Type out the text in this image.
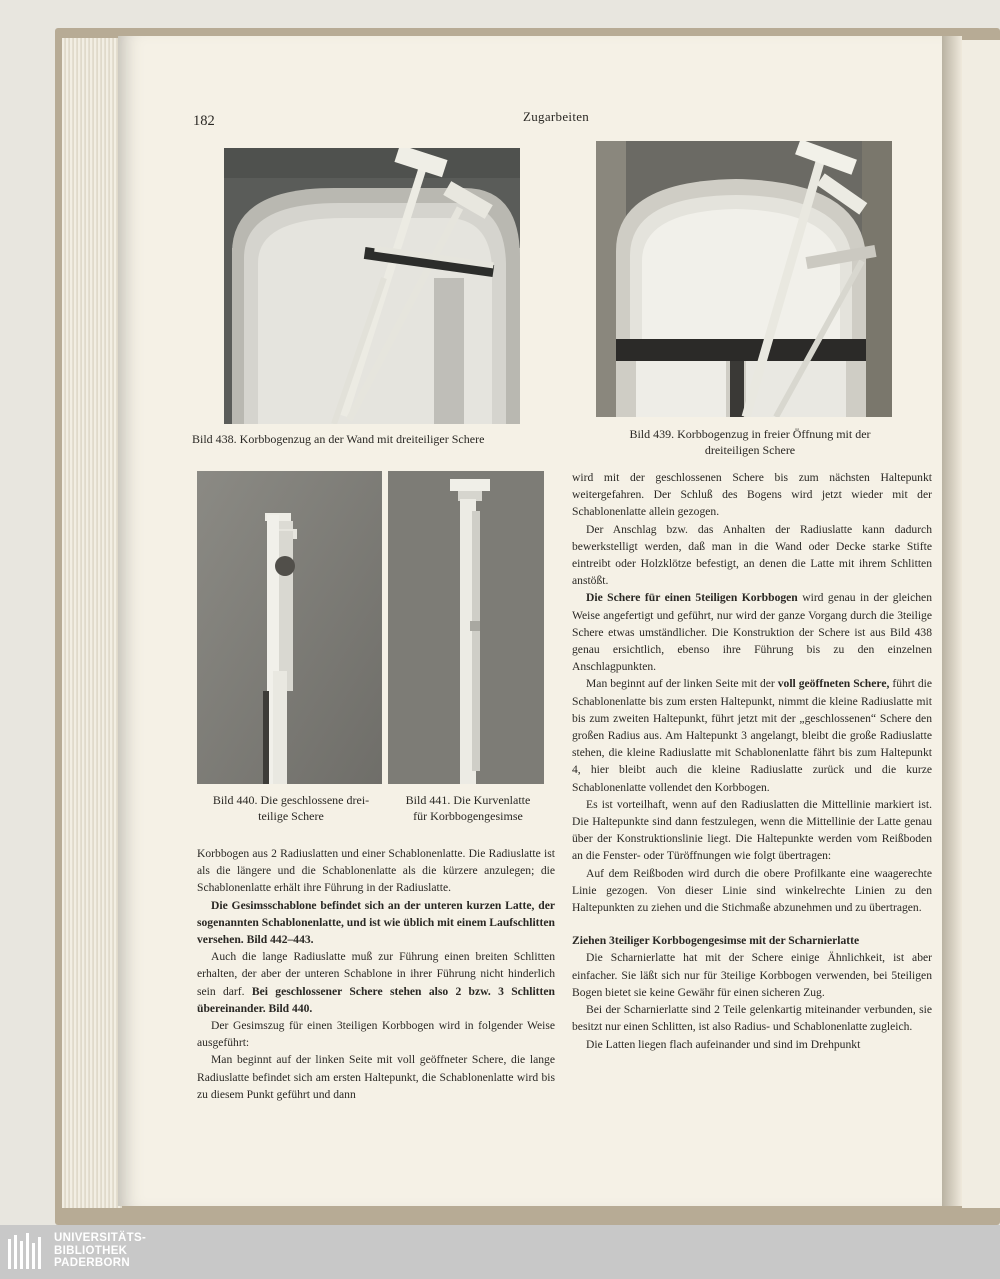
182	Zugarbeiten
Bild 438. Korbbogenzug an der Wand mit dreiteiliger Schere	Bild 439. Korbbogenzug in freier Öffnung mit der
dreiteiligen Schere
Bild 440. Die geschlossene drei-
teilige Schere
Bild 441. Die Kurvenlatte
für Korbbogengesimse

Korbbogen aus 2 Radiuslatten und einer Schablonenlatte. Die Radiuslatte ist als die längere und die Schablonenlatte als die kürzere anzulegen; die Schablonenlatte erhält ihre Führung in der Radiuslatte.

Die Gesimsschablone befindet sich an der unteren kurzen Latte, der sogenannten Schablonenlatte, und ist wie üblich mit einem Laufschlitten versehen. Bild 442–443.

Auch die lange Radiuslatte muß zur Führung einen breiten Schlitten erhalten, der aber der unteren Schablone in ihrer Führung nicht hinderlich sein darf. Bei geschlossener Schere stehen also 2 bzw. 3 Schlitten übereinander. Bild 440.

Der Gesimszug für einen 3teiligen Korbbogen wird in folgender Weise ausgeführt:

Man beginnt auf der linken Seite mit voll geöffneter Schere, die lange Radiuslatte befindet sich am ersten Haltepunkt, die Schablonenlatte wird bis zu diesem Punkt geführt und dann

wird mit der geschlossenen Schere bis zum nächsten Haltepunkt weitergefahren. Der Schluß des Bogens wird jetzt wieder mit der Schablonenlatte allein gezogen.

Der Anschlag bzw. das Anhalten der Radiuslatte kann dadurch bewerkstelligt werden, daß man in die Wand oder Decke starke Stifte eintreibt oder Holzklötze befestigt, an denen die Latte mit ihrem Schlitten anstößt.

Die Schere für einen 5teiligen Korbbogen wird genau in der gleichen Weise angefertigt und geführt, nur wird der ganze Vorgang durch die 3teilige Schere etwas umständlicher. Die Konstruktion der Schere ist aus Bild 438 genau ersichtlich, ebenso ihre Führung bis zu den einzelnen Anschlagpunkten.

Man beginnt auf der linken Seite mit der voll geöffneten Schere, führt die Schablonenlatte bis zum ersten Haltepunkt, nimmt die kleine Radiuslatte mit bis zum zweiten Haltepunkt, führt jetzt mit der „geschlossenen“ Schere den großen Radius aus. Am Haltepunkt 3 angelangt, bleibt die große Radiuslatte stehen, die kleine Radiuslatte mit Schablonenlatte fährt bis zum Haltepunkt 4, hier bleibt auch die kleine Radiuslatte zurück und die kurze Schablonenlatte vollendet den Korbbogen.

Es ist vorteilhaft, wenn auf den Radiuslatten die Mittellinie markiert ist. Die Haltepunkte sind dann festzulegen, wenn die Mittellinie der Latte genau über der Konstruktionslinie liegt. Die Haltepunkte werden vom Reißboden an die Fenster- oder Türöffnungen wie folgt übertragen:

Auf dem Reißboden wird durch die obere Profilkante eine waagerechte Linie gezogen. Von dieser Linie sind winkelrechte Linien zu den Haltepunkten zu ziehen und die Stichmaße abzunehmen und zu übertragen.

Ziehen 3teiliger Korbbogengesimse mit der Scharnierlatte

Die Scharnierlatte hat mit der Schere einige Ähnlichkeit, ist aber einfacher. Sie läßt sich nur für 3teilige Korbbogen verwenden, bei 5teiligen Bogen bietet sie keine Gewähr für einen sicheren Zug.

Bei der Scharnierlatte sind 2 Teile gelenkartig miteinander verbunden, sie besitzt nur einen Schlitten, ist also Radius- und Schablonenlatte zugleich.

Die Latten liegen flach aufeinander und sind im Drehpunkt

UNIVERSITÄTS-
BIBLIOTHEK
PADERBORN
